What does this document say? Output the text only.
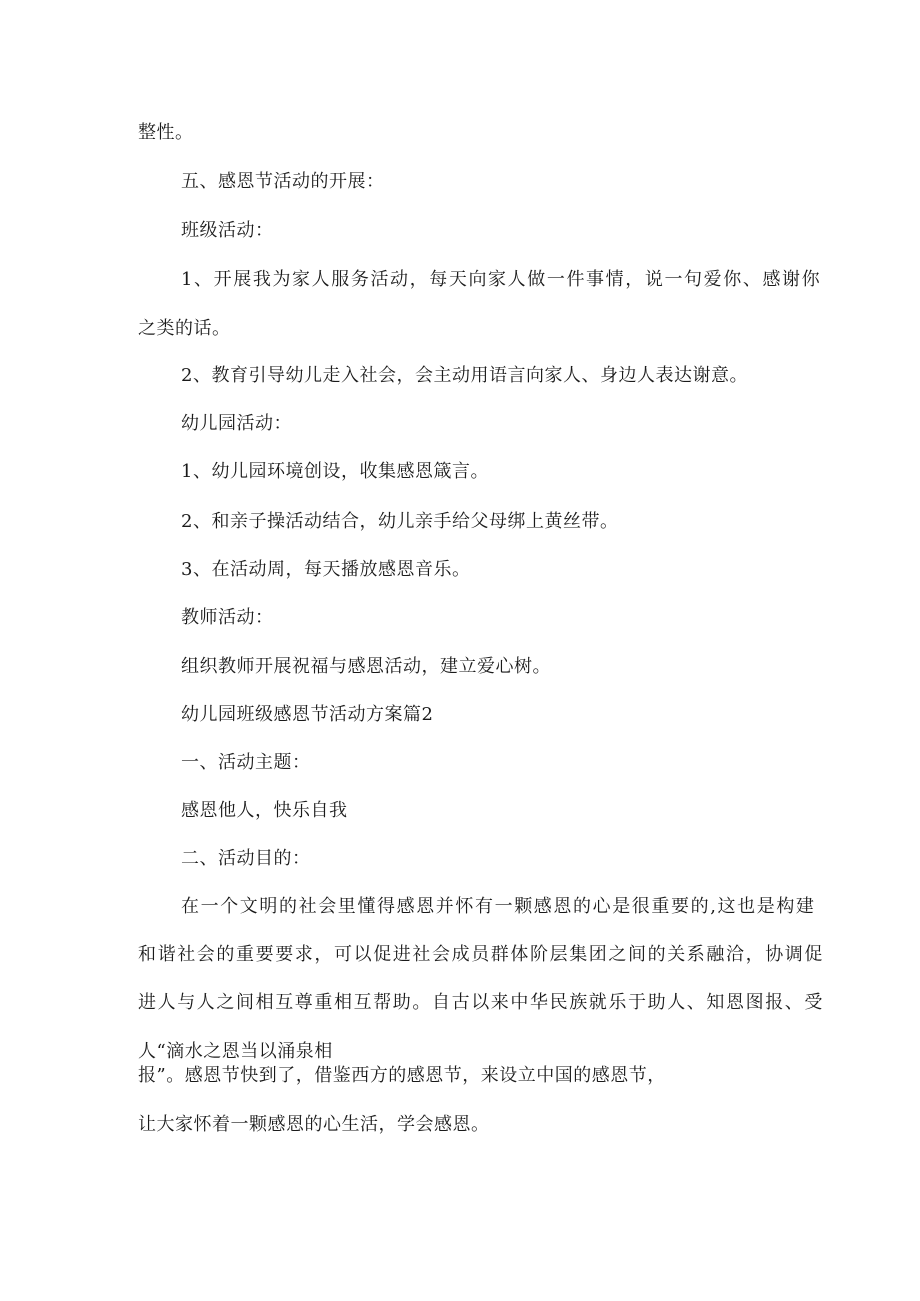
整性。
五、感恩节活动的开展：
班级活动：
1、开展我为家人服务活动，每天向家人做一件事情，说一句爱你、感谢你
之类的话。
2、教育引导幼儿走入社会，会主动用语言向家人、身边人表达谢意。
幼儿园活动：
1、幼儿园环境创设，收集感恩箴言。
2、和亲子操活动结合，幼儿亲手给父母绑上黄丝带。
3、在活动周，每天播放感恩音乐。
教师活动：
组织教师开展祝福与感恩活动，建立爱心树。
幼儿园班级感恩节活动方案篇2
一、活动主题：
感恩他人，快乐自我
二、活动目的：
在一个文明的社会里懂得感恩并怀有一颗感恩的心是很重要的,这也是构建
和谐社会的重要要求，可以促进社会成员群体阶层集团之间的关系融洽，协调促
进人与人之间相互尊重相互帮助。自古以来中华民族就乐于助人、知恩图报、受
人“滴水之恩当以涌泉相
报”。感恩节快到了，借鉴西方的感恩节，来设立中国的感恩节，
让大家怀着一颗感恩的心生活，学会感恩。
